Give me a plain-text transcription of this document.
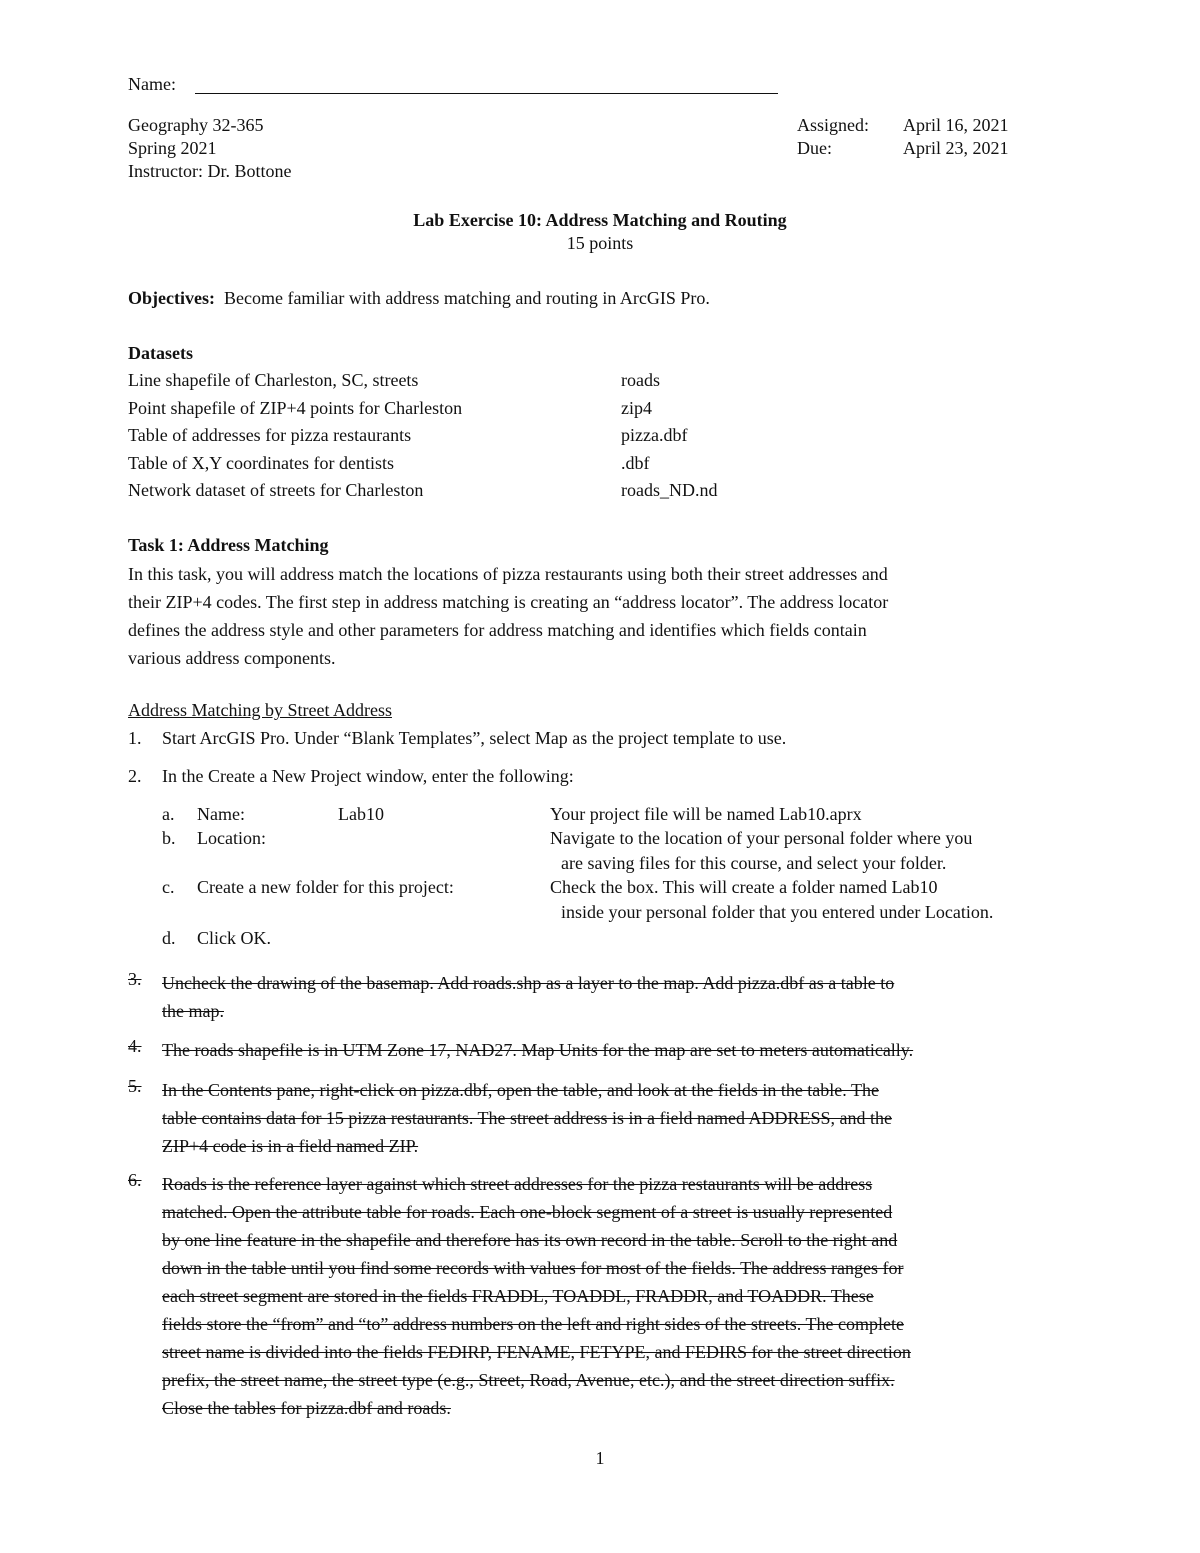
Name:
Geography 32-365
Spring 2021
Instructor: Dr. Bottone
Assigned: April 16, 2021
Due:	April 23, 2021
Lab Exercise 10: Address Matching and Routing
15 points
Objectives: Become familiar with address matching and routing in ArcGIS Pro.
Datasets
Line shapefile of Charleston, SC, streets	roads
Point shapefile of ZIP+4 points for Charleston	zip4
Table of addresses for pizza restaurants	pizza.dbf
Table of X,Y coordinates for dentists	.dbf
Network dataset of streets for Charleston	roads_ND.nd
Task 1: Address Matching
In this task, you will address match the locations of pizza restaurants using both their street addresses and
their ZIP+4 codes. The first step in address matching is creating an “address locator”. The address locator
defines the address style and other parameters for address matching and identifies which fields contain
various address components.
Address Matching by Street Address
1. Start ArcGIS Pro. Under “Blank Templates”, select Map as the project template to use.
2. In the Create a New Project window, enter the following:
a. Name:	Lab10	Your project file will be named Lab10.aprx
b. Location:	Navigate to the location of your personal folder where you
are saving files for this course, and select your folder.
c. Create a new folder for this project:	Check the box. This will create a folder named Lab10
inside your personal folder that you entered under Location.
d. Click OK.
3. Uncheck the drawing of the basemap. Add roads.shp as a layer to the map. Add pizza.dbf as a table to
the map.
4. The roads shapefile is in UTM Zone 17, NAD27. Map Units for the map are set to meters automatically.
5. In the Contents pane, right-click on pizza.dbf, open the table, and look at the fields in the table. The
table contains data for 15 pizza restaurants. The street address is in a field named ADDRESS, and the
ZIP+4 code is in a field named ZIP.
6. Roads is the reference layer against which street addresses for the pizza restaurants will be address
matched. Open the attribute table for roads. Each one-block segment of a street is usually represented
by one line feature in the shapefile and therefore has its own record in the table. Scroll to the right and
down in the table until you find some records with values for most of the fields. The address ranges for
each street segment are stored in the fields FRADDL, TOADDL, FRADDR, and TOADDR. These
fields store the “from” and “to” address numbers on the left and right sides of the streets. The complete
street name is divided into the fields FEDIRP, FENAME, FETYPE, and FEDIRS for the street direction
prefix, the street name, the street type (e.g., Street, Road, Avenue, etc.), and the street direction suffix.
Close the tables for pizza.dbf and roads.
1
